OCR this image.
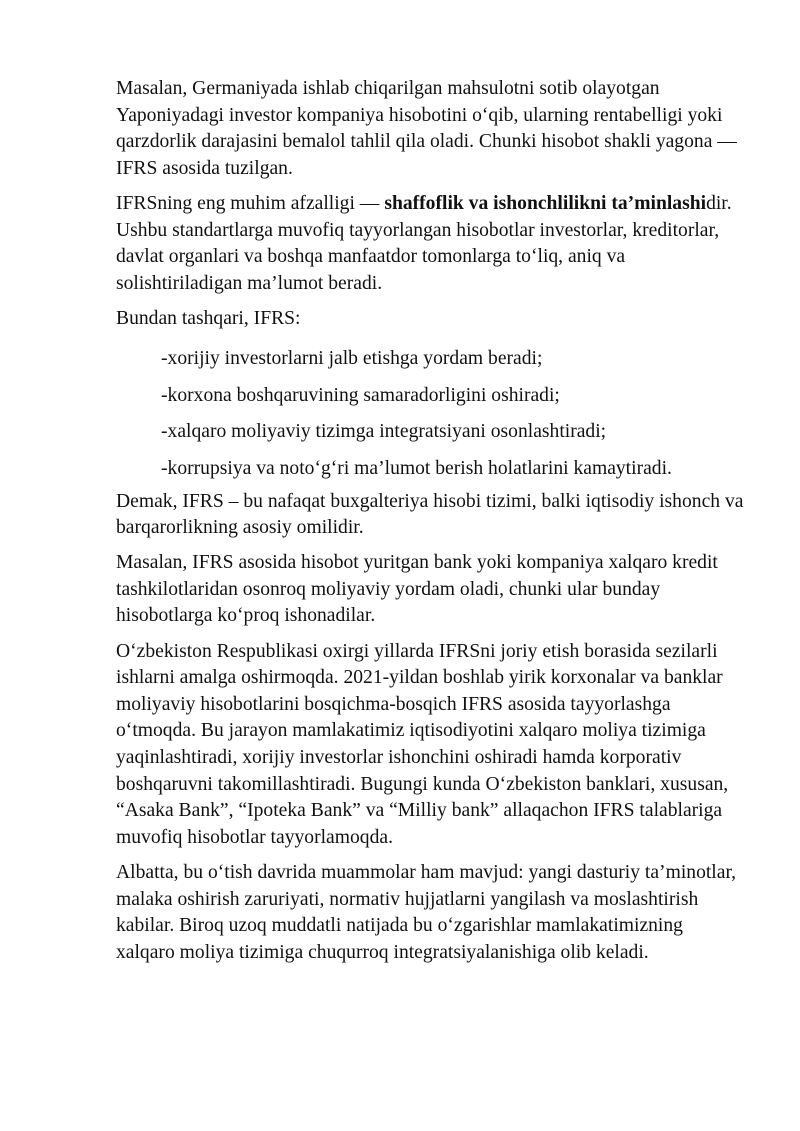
Masalan, Germaniyada ishlab chiqarilgan mahsulotni sotib olayotgan Yaponiyadagi investor kompaniya hisobotini o‘qib, ularning rentabelligi yoki qarzdorlik darajasini bemalol tahlil qila oladi. Chunki hisobot shakli yagona — IFRS asosida tuzilgan.

IFRSning eng muhim afzalligi — shaffoflik va ishonchlilikni ta’minlashidir. Ushbu standartlarga muvofiq tayyorlangan hisobotlar investorlar, kreditorlar, davlat organlari va boshqa manfaatdor tomonlarga to‘liq, aniq va solishtiriladigan ma’lumot beradi.

Bundan tashqari, IFRS:

-xorijiy investorlarni jalb etishga yordam beradi;

-korxona boshqaruvining samaradorligini oshiradi;

-xalqaro moliyaviy tizimga integratsiyani osonlashtiradi;

-korrupsiya va noto‘g‘ri ma’lumot berish holatlarini kamaytiradi.

Demak, IFRS – bu nafaqat buxgalteriya hisobi tizimi, balki iqtisodiy ishonch va barqarorlikning asosiy omilidir.

Masalan, IFRS asosida hisobot yuritgan bank yoki kompaniya xalqaro kredit tashkilotlaridan osonroq moliyaviy yordam oladi, chunki ular bunday hisobotlarga ko‘proq ishonadilar.

O‘zbekiston Respublikasi oxirgi yillarda IFRSni joriy etish borasida sezilarli ishlarni amalga oshirmoqda. 2021-yildan boshlab yirik korxonalar va banklar moliyaviy hisobotlarini bosqichma-bosqich IFRS asosida tayyorlashga o‘tmoqda. Bu jarayon mamlakatimiz iqtisodiyotini xalqaro moliya tizimiga yaqinlashtiradi, xorijiy investorlar ishonchini oshiradi hamda korporativ boshqaruvni takomillashtiradi. Bugungi kunda O‘zbekiston banklari, xususan, “Asaka Bank”, “Ipoteka Bank” va “Milliy bank” allaqachon IFRS talablariga muvofiq hisobotlar tayyorlamoqda.

Albatta, bu o‘tish davrida muammolar ham mavjud: yangi dasturiy ta’minotlar, malaka oshirish zaruriyati, normativ hujjatlarni yangilash va moslashtirish kabilar. Biroq uzoq muddatli natijada bu o‘zgarishlar mamlakatimizning xalqaro moliya tizimiga chuqurroq integratsiyalanishiga olib keladi.
